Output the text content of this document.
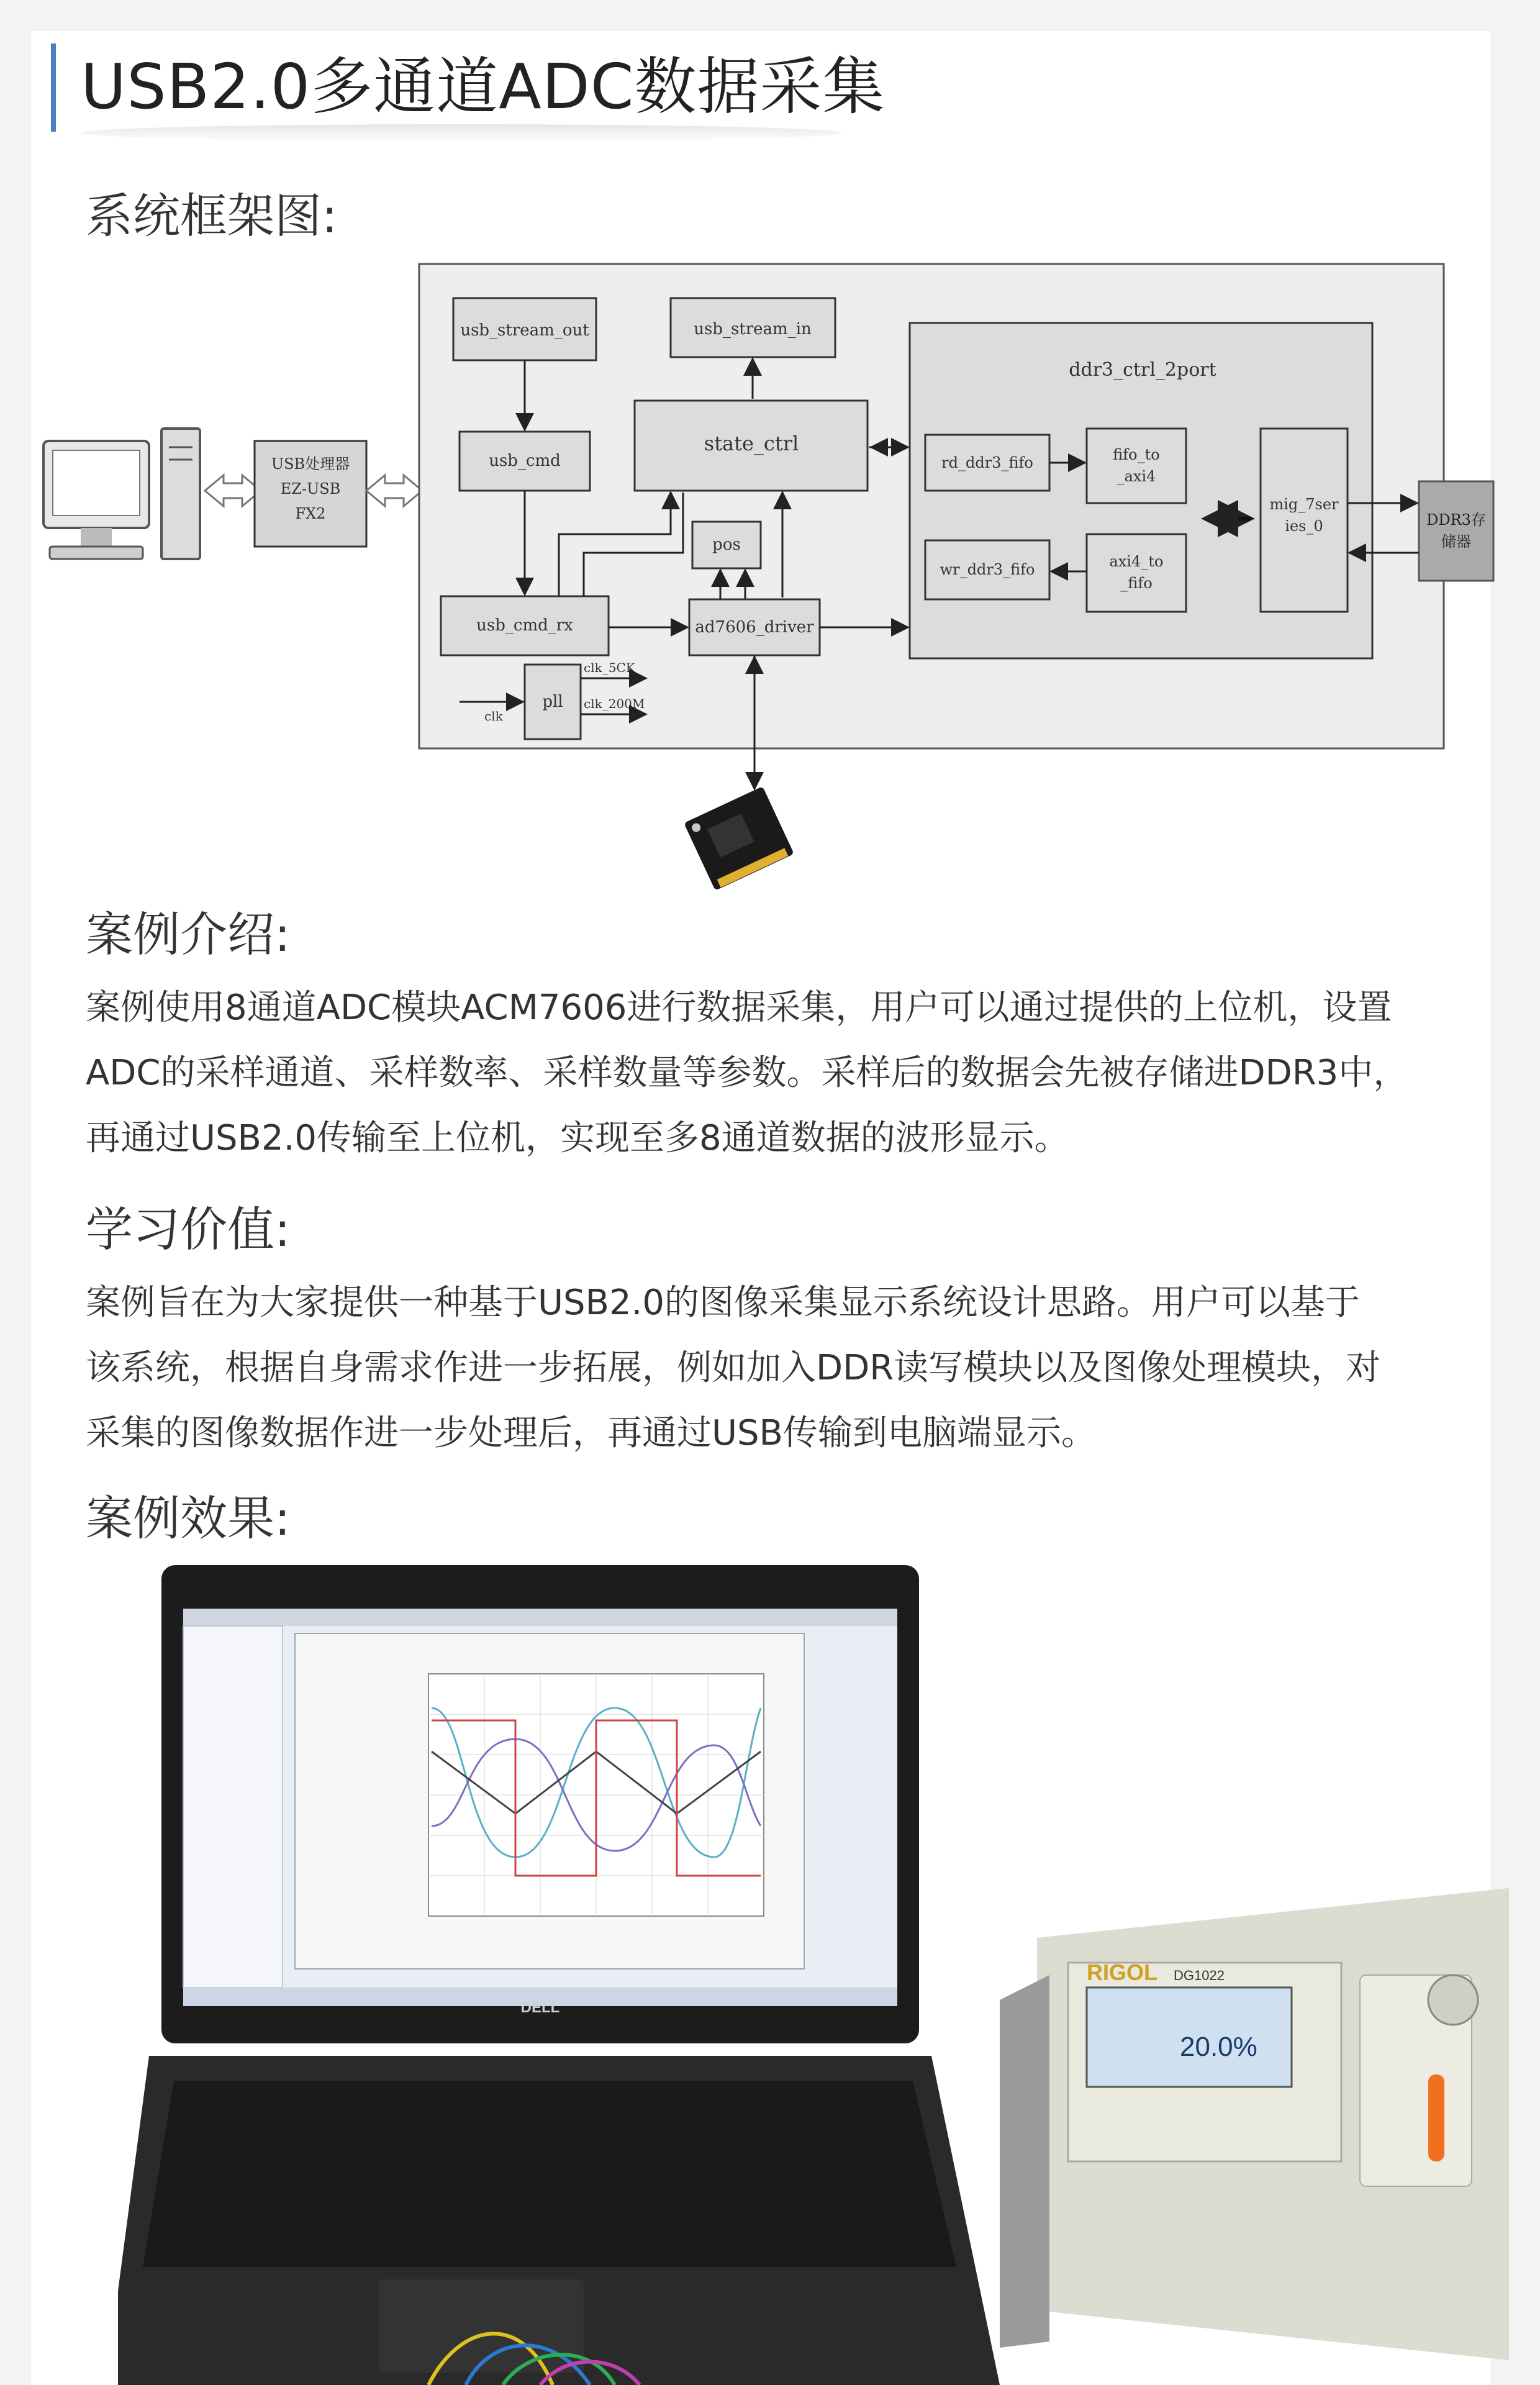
USB2.0多通道ADC数据采集
系统框架图:
USB处理器
EZ-USB
FX2
usb_stream_out	usb_stream_in
usb_cmd
state_ctrl
pos
usb_cmd_rx	ad7606_driver
pll
clk
clk_5CK
clk_200M
ddr3_ctrl_2port
rd_ddr3_fifo	fifo_to
_axi4
wr_ddr3_fifo	axi4_to
_fifo
mig_7ser
ies_0	DDR3存
储器
案例介绍:

案例使用8通道ADC模块ACM7606进行数据采集，用户可以通过提供的上位机，设置

ADC的采样通道、采样数率、采样数量等参数。采样后的数据会先被存储进DDR3中，

再通过USB2.0传输至上位机，实现至多8通道数据的波形显示。

学习价值:

案例旨在为大家提供一种基于USB2.0的图像采集显示系统设计思路。用户可以基于

该系统，根据自身需求作进一步拓展，例如加入DDR读写模块以及图像处理模块，对

采集的图像数据作进一步处理后，再通过USB传输到电脑端显示。

案例效果:
RIGOL DG1022
20.0%
DELL
